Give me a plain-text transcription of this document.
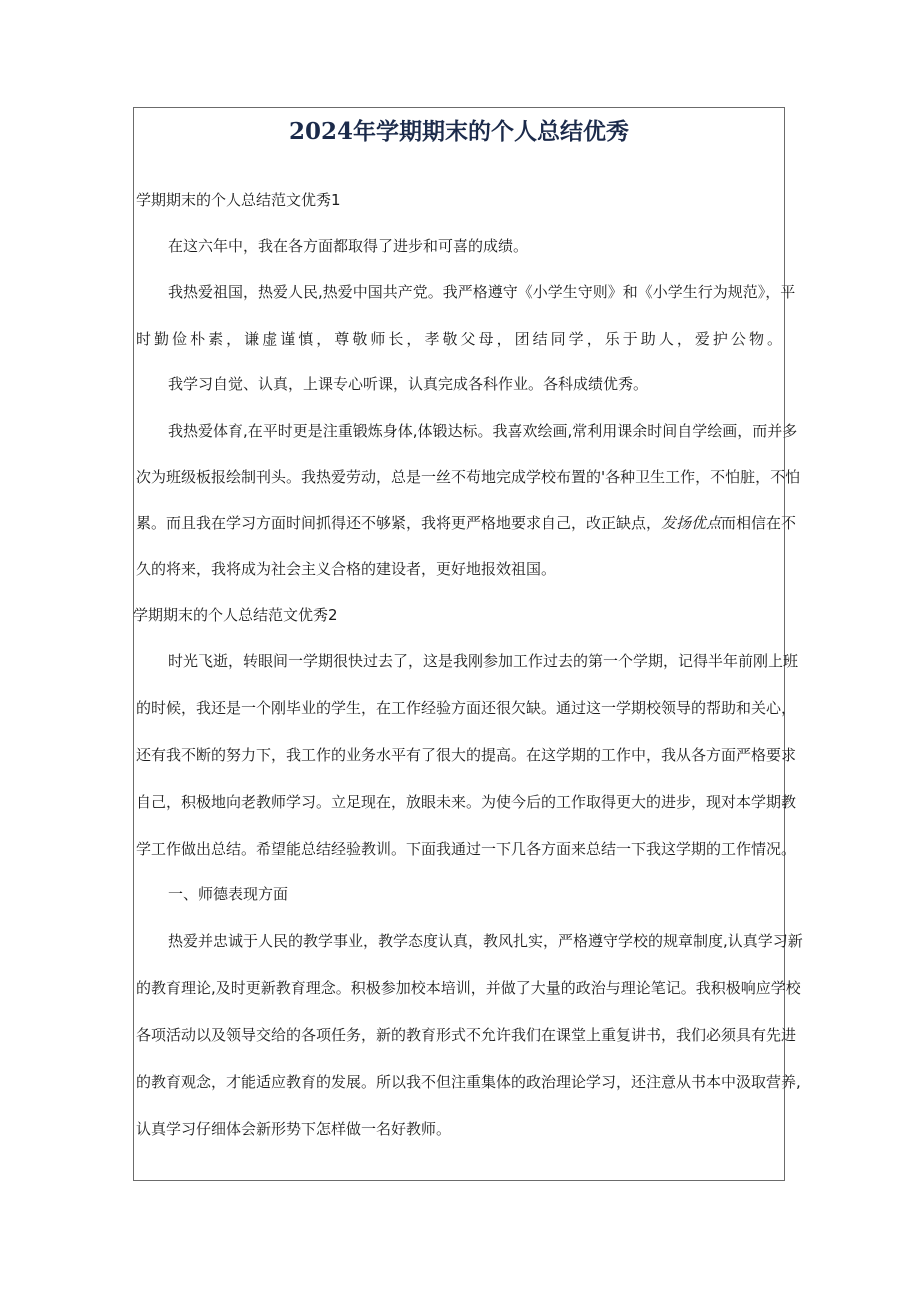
2024年学期期末的个人总结优秀

学期期末的个人总结范文优秀1

在这六年中，我在各方面都取得了进步和可喜的成绩。

我热爱祖国，热爱人民,热爱中国共产党。我严格遵守《小学生守则》和《小学生行为规范》，平

时勤俭朴素，谦虚谨慎，尊敬师长，孝敬父母，团结同学，乐于助人，爱护公物。

我学习自觉、认真，上课专心听课，认真完成各科作业。各科成绩优秀。

我热爱体育,在平时更是注重锻炼身体,体锻达标。我喜欢绘画,常利用课余时间自学绘画，而并多

次为班级板报绘制刊头。我热爱劳动，总是一丝不苟地完成学校布置的'各种卫生工作，不怕脏，不怕

累。而且我在学习方面时间抓得还不够紧，我将更严格地要求自己，改正缺点，发扬优点而相信在不

久的将来，我将成为社会主义合格的建设者，更好地报效祖国。

学期期末的个人总结范文优秀2

时光飞逝，转眼间一学期很快过去了，这是我刚参加工作过去的第一个学期，记得半年前刚上班

的时候，我还是一个刚毕业的学生，在工作经验方面还很欠缺。通过这一学期校领导的帮助和关心，

还有我不断的努力下，我工作的业务水平有了很大的提高。在这学期的工作中，我从各方面严格要求

自己，积极地向老教师学习。立足现在，放眼未来。为使今后的工作取得更大的进步，现对本学期教

学工作做出总结。希望能总结经验教训。下面我通过一下几各方面来总结一下我这学期的工作情况。

一、师德表现方面

热爱并忠诚于人民的教学事业，教学态度认真，教风扎实，严格遵守学校的规章制度,认真学习新

的教育理论,及时更新教育理念。积极参加校本培训，并做了大量的政治与理论笔记。我积极响应学校

各项活动以及领导交给的各项任务，新的教育形式不允许我们在课堂上重复讲书，我们必须具有先进

的教育观念，才能适应教育的发展。所以我不但注重集体的政治理论学习，还注意从书本中汲取营养,

认真学习仔细体会新形势下怎样做一名好教师。
